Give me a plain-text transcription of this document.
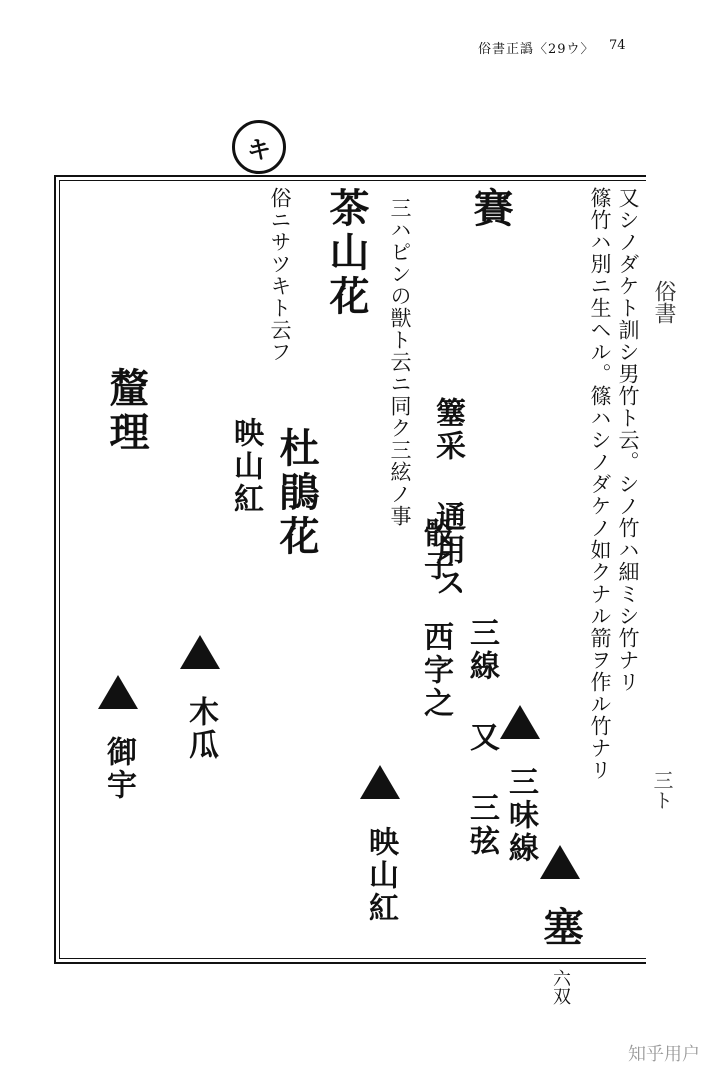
俗書正譌〈29ウ〉 74
キ
又シノダケト訓シ男竹ト云。シノ竹ハ細ミシ竹ナリ
篠竹ハ別ニ生ヘル。篠ハシノダケノ如クナル箭ヲ作ル竹ナリ
塞 六双
三味線
三線 又 三弦
骰子 西字之
賽
簺采 通用ス
三ハピンの獣ト云ニ同ク三絃ノ事
茶山花
映山紅
俗ニサツキト云フ
杜鵑花
映山紅
木瓜
釐理
御宇
俗書
三ト
知乎用户
